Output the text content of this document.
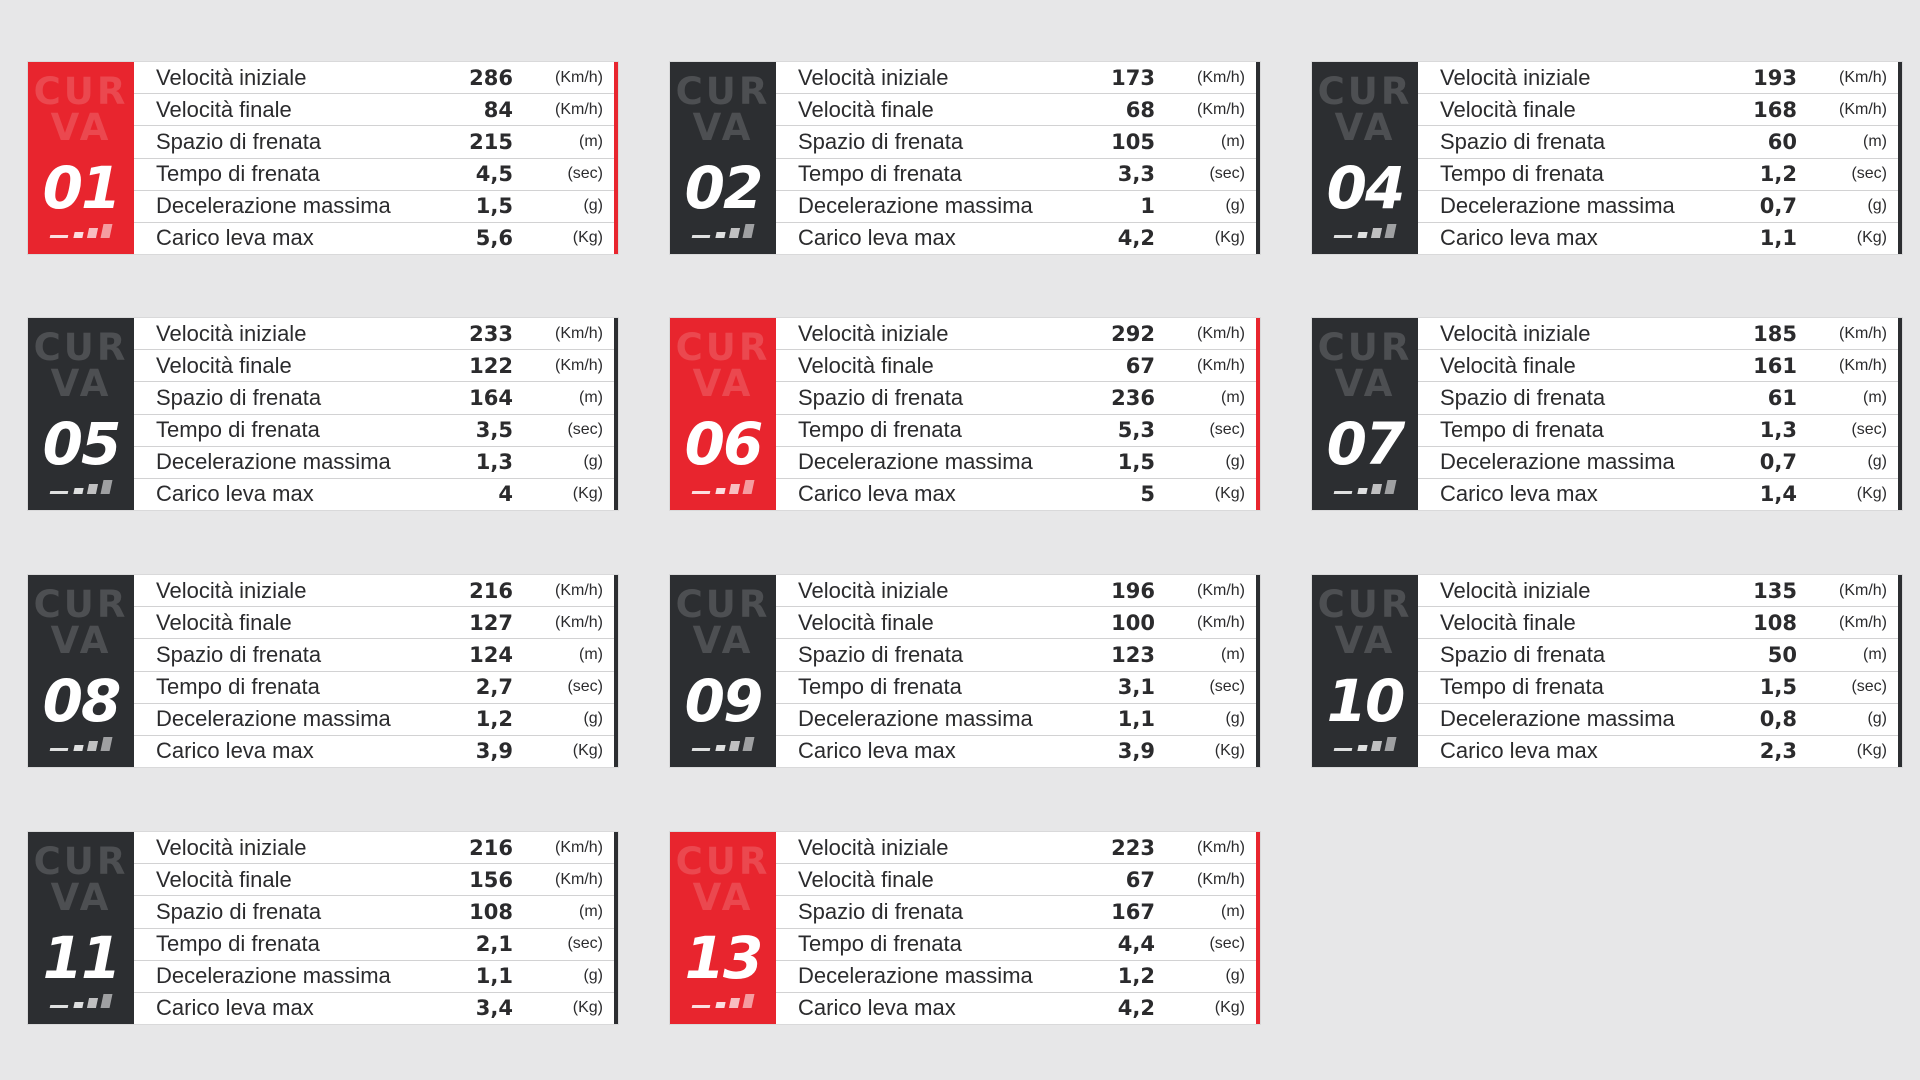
CUR
VA
01
Velocità iniziale	286	(Km/h)
Velocità finale	84	(Km/h)
Spazio di frenata	215	(m)
Tempo di frenata	4,5	(sec)
Decelerazione massima	1,5	(g)
Carico leva max	5,6	(Kg)
CUR
VA
02
Velocità iniziale	173	(Km/h)
Velocità finale	68	(Km/h)
Spazio di frenata	105	(m)
Tempo di frenata	3,3	(sec)
Decelerazione massima	1	(g)
Carico leva max	4,2	(Kg)
CUR
VA
04
Velocità iniziale	193	(Km/h)
Velocità finale	168	(Km/h)
Spazio di frenata	60	(m)
Tempo di frenata	1,2	(sec)
Decelerazione massima	0,7	(g)
Carico leva max	1,1	(Kg)
CUR
VA
05
Velocità iniziale	233	(Km/h)
Velocità finale	122	(Km/h)
Spazio di frenata	164	(m)
Tempo di frenata	3,5	(sec)
Decelerazione massima	1,3	(g)
Carico leva max	4	(Kg)
CUR
VA
06
Velocità iniziale	292	(Km/h)
Velocità finale	67	(Km/h)
Spazio di frenata	236	(m)
Tempo di frenata	5,3	(sec)
Decelerazione massima	1,5	(g)
Carico leva max	5	(Kg)
CUR
VA
07
Velocità iniziale	185	(Km/h)
Velocità finale	161	(Km/h)
Spazio di frenata	61	(m)
Tempo di frenata	1,3	(sec)
Decelerazione massima	0,7	(g)
Carico leva max	1,4	(Kg)
CUR
VA
08
Velocità iniziale	216	(Km/h)
Velocità finale	127	(Km/h)
Spazio di frenata	124	(m)
Tempo di frenata	2,7	(sec)
Decelerazione massima	1,2	(g)
Carico leva max	3,9	(Kg)
CUR
VA
09
Velocità iniziale	196	(Km/h)
Velocità finale	100	(Km/h)
Spazio di frenata	123	(m)
Tempo di frenata	3,1	(sec)
Decelerazione massima	1,1	(g)
Carico leva max	3,9	(Kg)
CUR
VA
10
Velocità iniziale	135	(Km/h)
Velocità finale	108	(Km/h)
Spazio di frenata	50	(m)
Tempo di frenata	1,5	(sec)
Decelerazione massima	0,8	(g)
Carico leva max	2,3	(Kg)
CUR
VA
11
Velocità iniziale	216	(Km/h)
Velocità finale	156	(Km/h)
Spazio di frenata	108	(m)
Tempo di frenata	2,1	(sec)
Decelerazione massima	1,1	(g)
Carico leva max	3,4	(Kg)
CUR
VA
13
Velocità iniziale	223	(Km/h)
Velocità finale	67	(Km/h)
Spazio di frenata	167	(m)
Tempo di frenata	4,4	(sec)
Decelerazione massima	1,2	(g)
Carico leva max	4,2	(Kg)
